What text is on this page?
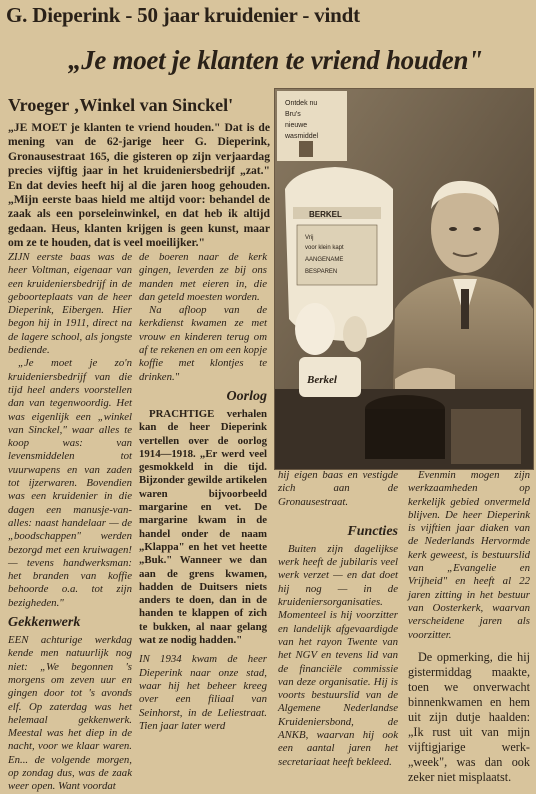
G. Dieperink - 50 jaar kruidenier - vindt
„Je moet je klanten te vriend houden"
Vroeger ‚Winkel van Sinckel'
„JE MOET je klanten te vriend houden." Dat is de mening van de 62-jarige heer G. Dieperink, Gronausestraat 165, die gisteren op zijn verjaardag precies vijftig jaar in het kruideniersbedrijf „zat." En dat devies heeft hij al die jaren hoog gehouden. „Mijn eerste baas hield me altijd voor: behandel de zaak als een porseleinwinkel, en dat heb ik altijd gedaan. Heus, klanten krijgen is geen kunst, maar om ze te houden, dat is veel moeilijker."
Ontdek nu
Bru's
nieuwe
wasmiddel
BERKEL
Vrij
voor klein kapt
AANGENAME
BESPAREN
Berkel

ZIJN eerste baas was de heer Voltman, eigenaar van een kruideniersbedrijf in de geboorteplaats van de heer Dieperink, Eibergen. Hier begon hij in 1911, direct na de lagere school, als jongste bediende.

„Je moet je zo'n kruideniersbedrijf van die tijd heel anders voorstellen dan van tegenwoordig. Het was eigenlijk een „winkel van Sinckel," waar alles te koop was: van levensmiddelen tot vuurwapens en van zaden tot ijzerwaren. Bovendien was een kruidenier in die dagen een manusje-van-alles: naast handelaar — de „boodschappen" werden bezorgd met een kruiwagen! — tevens handwerksman: het branden van koffie behoorde o.a. tot zijn bezigheden."

Gekkenwerk

EEN achturige werkdag kende men natuurlijk nog niet: „We begonnen 's morgens om zeven uur en gingen door tot 's avonds elf. Op zaterdag was het helemaal gekkenwerk. Meestal was het diep in de nacht, voor we klaar waren. En... de volgende morgen, op zondag dus, was de zaak weer open. Want voordat

de boeren naar de kerk gingen, leverden ze bij ons manden met eieren in, die dan geteld moesten worden.

Na afloop van de kerkdienst kwamen ze met vrouw en kinderen terug om af te rekenen en om een kopje koffie met klontjes te drinken."

Oorlog

PRACHTIGE verhalen kan de heer Dieperink vertellen over de oorlog 1914—1918. „Er werd veel gesmokkeld in die tijd. Bijzonder gewilde artikelen waren bijvoorbeeld margarine en vet. De margarine kwam in de handel onder de naam „Klappa" en het vet heette „Buk." Wanneer we dan aan de grens kwamen, hadden de Duitsers niets anders te doen, dan in de handen te klappen of zich te bukken, al naar gelang wat ze nodig hadden."

IN 1934 kwam de heer Dieperink naar onze stad, waar hij het beheer kreeg over een filiaal van Seinhorst, in de Leliestraat. Tien jaar later werd

hij eigen baas en vestigde zich aan de Gronausestraat.

Functies

Buiten zijn dagelijkse werk heeft de jubilaris veel werk verzet — en dat doet hij nog — in de kruideniersorganisaties. Momenteel is hij voorzitter en landelijk afgevaardigde van het rayon Twente van het NGV en tevens lid van de financiële commissie van deze organisatie. Hij is voorts bestuurslid van de Algemene Nederlandse Kruideniersbond, de ANKB, waarvan hij ook een aantal jaren het secretariaat heeft bekleed.

Evenmin mogen zijn werkzaamheden op kerkelijk gebied onvermeld blijven. De heer Dieperink is vijftien jaar diaken van de Nederlands Hervormde kerk geweest, is bestuurslid van „Evangelie en Vrijheid" en heeft al 22 jaren zitting in het bestuur van Oosterkerk, waarvan verscheidene jaren als voorzitter.

De opmerking, die hij gistermiddag maakte, toen we onverwacht binnenkwamen en hem uit zijn dutje haalden: „Ik rust uit van mijn vijftigjarige werk-„week", was dan ook zeker niet misplaatst.
